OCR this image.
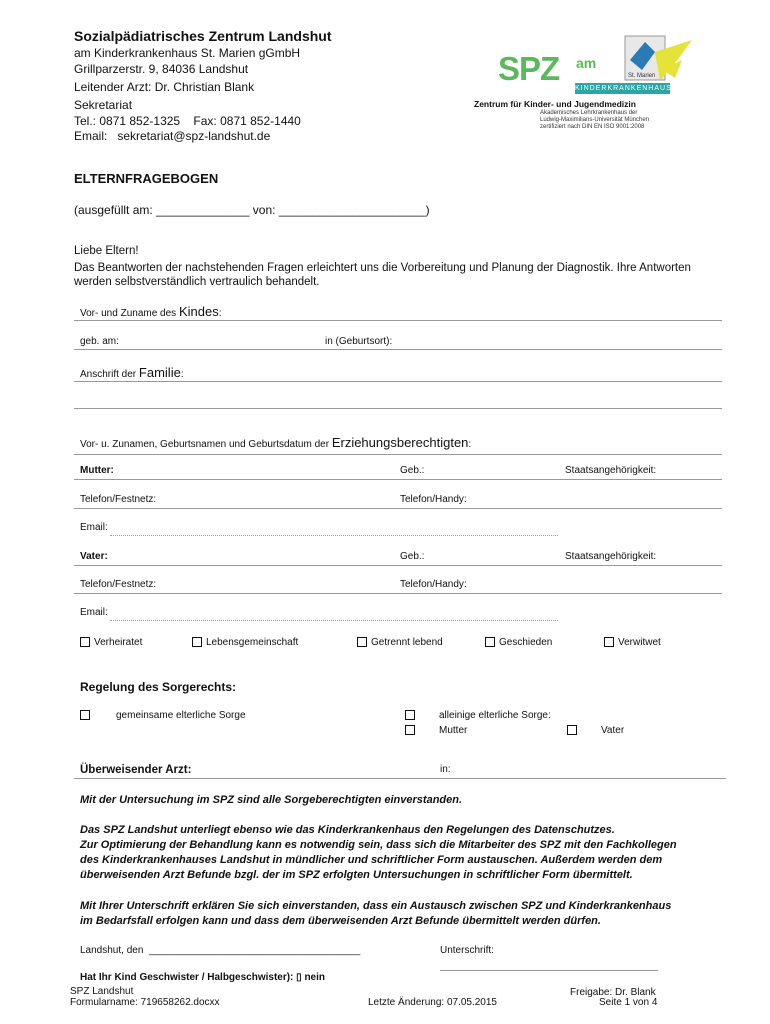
Sozialpädiatrisches Zentrum Landshut
am Kinderkrankenhaus St. Marien gGmbH
Grillparzerstr. 9, 84036 Landshut
Leitender Arzt: Dr. Christian Blank
Sekretariat
Tel.: 0871 852-1325    Fax: 0871 852-1440
Email:   sekretariat@spz-landshut.de
SPZ am
St. Marien
KINDERKRANKENHAUS
Zentrum für Kinder- und Jugendmedizin
Akademisches Lehrkrankenhaus der
Ludwig-Maximilians-Universität München
zertifiziert nach DIN EN ISO 9001:2008
ELTERNFRAGEBOGEN
(ausgefüllt am: ______________ von: ______________________)
Liebe Eltern!
Das Beantworten der nachstehenden Fragen erleichtert uns die Vorbereitung und Planung der Diagnostik. Ihre Antworten werden selbstverständlich vertraulich behandelt.
Vor- und Zuname des Kindes:
geb. am:	in (Geburtsort):
Anschrift der Familie:
Vor- u. Zunamen, Geburtsnamen und Geburtsdatum der Erziehungsberechtigten:
Mutter:	Geb.:	Staatsangehörigkeit:
Telefon/Festnetz:	Telefon/Handy:
Email:
Vater:	Geb.:	Staatsangehörigkeit:
Telefon/Festnetz:	Telefon/Handy:
Email:
Verheiratet	Lebensgemeinschaft	Getrennt lebend	Geschieden	Verwitwet
Regelung des Sorgerechts:
gemeinsame elterliche Sorge	alleinige elterliche Sorge:
Mutter	Vater
Überweisender Arzt:	in:
Mit der Untersuchung im SPZ sind alle Sorgeberechtigten einverstanden.
Das SPZ Landshut unterliegt ebenso wie das Kinderkrankenhaus den Regelungen des Datenschutzes.
Zur Optimierung der Behandlung kann es notwendig sein, dass sich die Mitarbeiter des SPZ mit den Fachkollegen
des Kinderkrankenhauses Landshut in mündlicher und schriftlicher Form austauschen. Außerdem werden dem
überweisenden Arzt Befunde bzgl. der im SPZ erfolgten Untersuchungen in schriftlicher Form übermittelt.
Mit Ihrer Unterschrift erklären Sie sich einverstanden, dass ein Austausch zwischen SPZ und Kinderkrankenhaus
im Bedarfsfall erfolgen kann und dass dem überweisenden Arzt Befunde übermittelt werden dürfen.
Landshut, den  ______________________________________	Unterschrift:
Hat Ihr Kind Geschwister / Halbgeschwister): ▯ nein
SPZ Landshut
Formularname: 719658262.docxx	Letzte Änderung: 07.05.2015
Freigabe: Dr. Blank
Seite 1 von 4
